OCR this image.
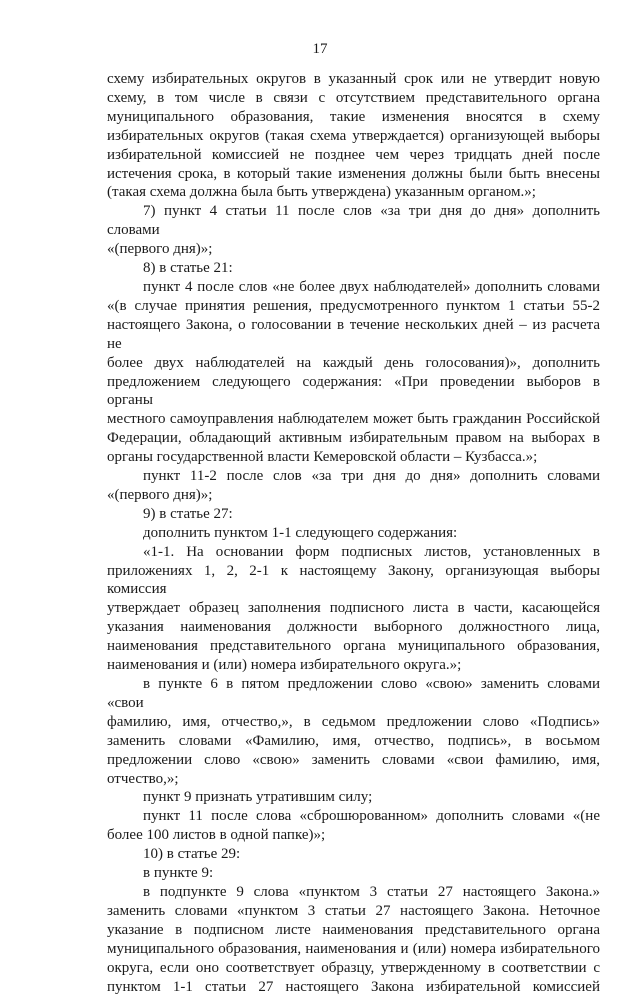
17

схему избирательных округов в указанный срок или не утвердит новую

схему, в том числе в связи с отсутствием представительного органа

муниципального образования, такие изменения вносятся в схему

избирательных округов (такая схема утверждается) организующей выборы

избирательной комиссией не позднее чем через тридцать дней после

истечения срока, в который такие изменения должны были быть внесены

(такая схема должна была быть утверждена) указанным органом.»;

7) пункт 4 статьи 11 после слов «за три дня до дня» дополнить словами

«(первого дня)»;

8) в статье 21:

пункт 4 после слов «не более двух наблюдателей» дополнить словами

«(в случае принятия решения, предусмотренного пунктом 1 статьи 55-2

настоящего Закона, о голосовании в течение нескольких дней – из расчета не

более двух наблюдателей на каждый день голосования)», дополнить

предложением следующего содержания: «При проведении выборов в органы

местного самоуправления наблюдателем может быть гражданин Российской

Федерации, обладающий активным избирательным правом на выборах в

органы государственной власти Кемеровской области – Кузбасса.»;

пункт 11-2 после слов «за три дня до дня» дополнить словами

«(первого дня)»;

9) в статье 27:

дополнить пунктом 1-1 следующего содержания:

«1-1. На основании форм подписных листов, установленных в

приложениях 1, 2, 2-1 к настоящему Закону, организующая выборы комиссия

утверждает образец заполнения подписного листа в части, касающейся

указания наименования должности выборного должностного лица,

наименования представительного органа муниципального образования,

наименования и (или) номера избирательного округа.»;

в пункте 6 в пятом предложении слово «свою» заменить словами «свои

фамилию, имя, отчество,», в седьмом предложении слово «Подпись»

заменить словами «Фамилию, имя, отчество, подпись», в восьмом

предложении слово «свою» заменить словами «свои фамилию, имя,

отчество,»;

пункт 9 признать утратившим силу;

пункт 11 после слова «сброшюрованном» дополнить словами «(не

более 100 листов в одной папке)»;

10) в статье 29:

в пункте 9:

в подпункте 9 слова «пунктом 3 статьи 27 настоящего Закона.»

заменить словами «пунктом 3 статьи 27 настоящего Закона. Неточное

указание в подписном листе наименования представительного органа

муниципального образования, наименования и (или) номера избирательного

округа, если оно соответствует образцу, утвержденному в соответствии с

пунктом 1-1 статьи 27 настоящего Закона избирательной комиссией
